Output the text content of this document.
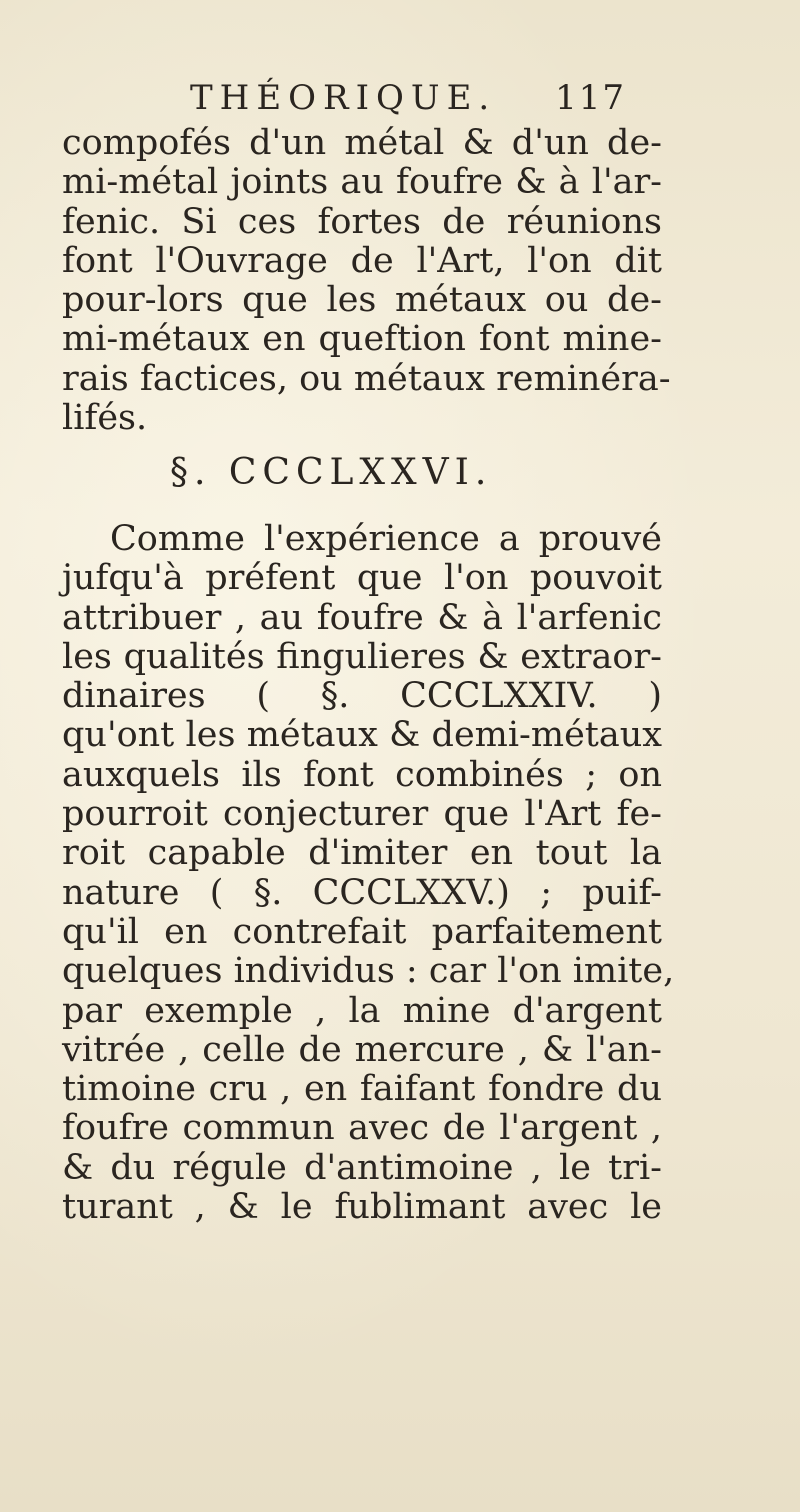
THÉORIQUE. 117
compofés d'un métal & d'un de-
mi-métal joints au foufre & à l'ar-
fenic. Si ces fortes de réunions
font l'Ouvrage de l'Art, l'on dit
pour-lors que les métaux ou de-
mi-métaux en queftion font mine-
rais factices, ou métaux reminéra-
lifés.
§. CCCLXXVI.
Comme l'expérience a prouvé
jufqu'à préfent que l'on pouvoit
attribuer , au foufre & à l'arfenic
les qualités finguli​eres & extraor-
dinaires ( §. CCCLXXIV. )
qu'ont les métaux & demi-métaux
auxquels ils font combinés ; on
pourroit conjecturer que l'Art fe-
roit capable d'imiter en tout la
nature ( §. CCCLXXV.) ; puif-
qu'il en contrefait parfaitement
quelques individus : car l'on imite,
par exemple , la mine d'argent
vitrée , celle de mercure , & l'an-
timoine cru , en faifant fondre du
foufre commun avec de l'argent ,
& du régule d'antimoine , le tri-
turant , & le fublimant avec le
